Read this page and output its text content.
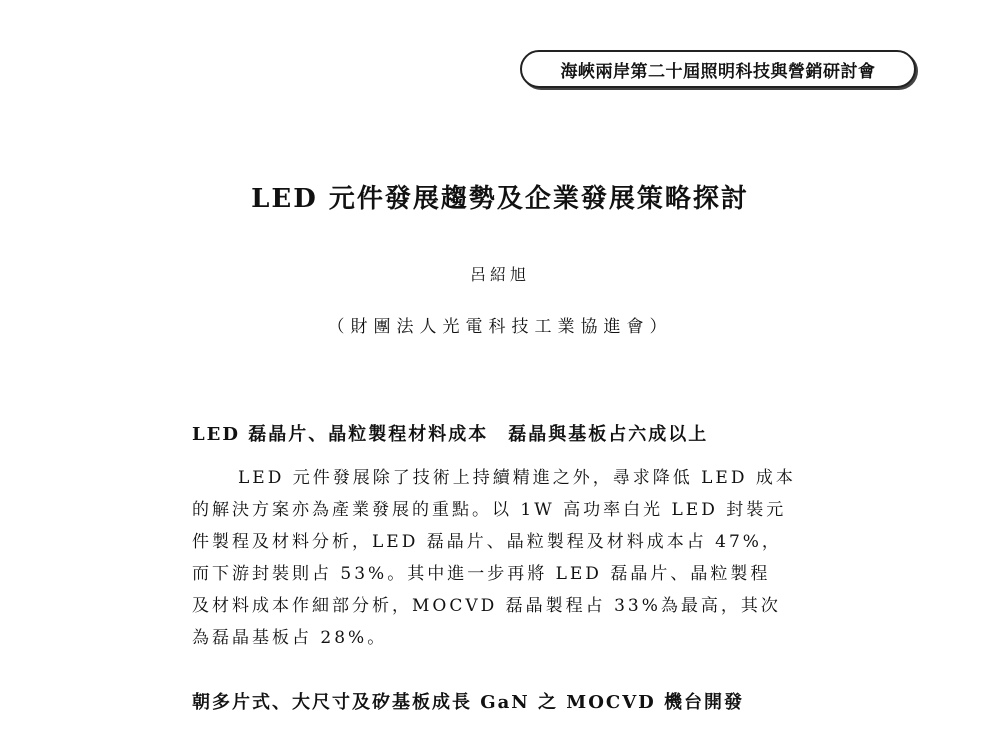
海峽兩岸第二十屆照明科技與營銷研討會
LED 元件發展趨勢及企業發展策略探討
呂紹旭
（財團法人光電科技工業協進會）
LED 磊晶片、晶粒製程材料成本　磊晶與基板占六成以上
LED 元件發展除了技術上持續精進之外，尋求降低 LED 成本
的解決方案亦為產業發展的重點。以 1W 高功率白光 LED 封裝元
件製程及材料分析，LED 磊晶片、晶粒製程及材料成本占 47%，
而下游封裝則占 53%。其中進一步再將 LED 磊晶片、晶粒製程
及材料成本作細部分析，MOCVD 磊晶製程占 33%為最高，其次
為磊晶基板占 28%。
朝多片式、大尺寸及矽基板成長 GaN 之 MOCVD 機台開發
